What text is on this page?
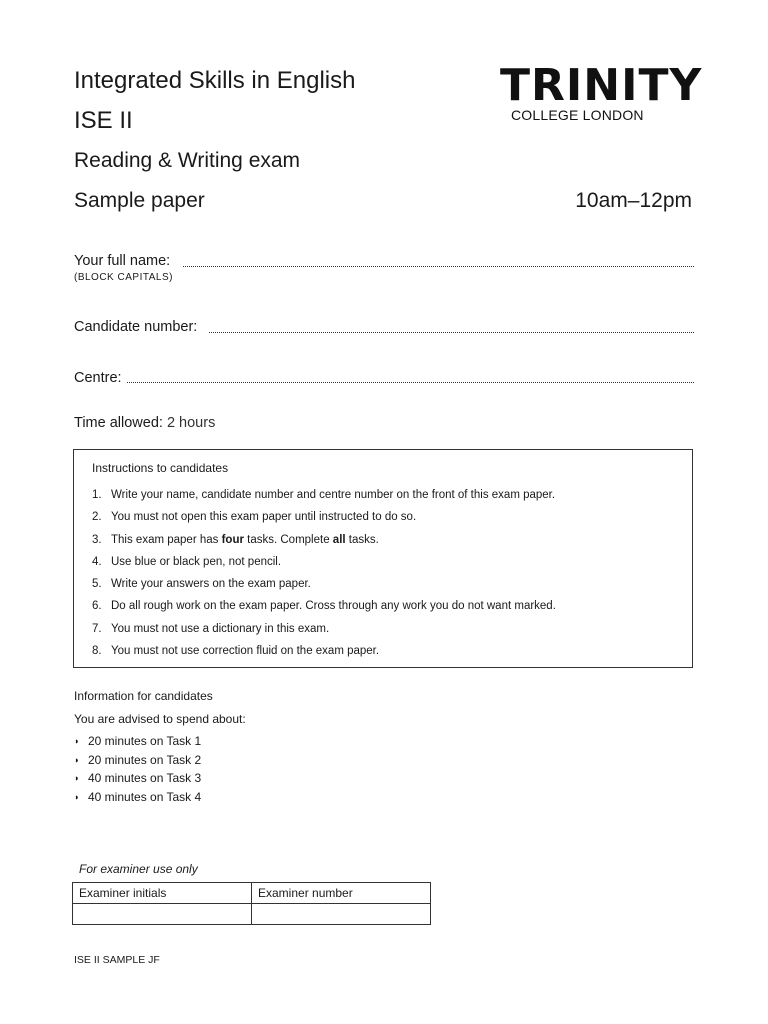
Integrated Skills in English
ISE II
Reading & Writing exam
Sample paper	10am–12pm
TRINITY
COLLEGE LONDON
Your full name:
(BLOCK CAPITALS)
Candidate number:
Centre:
Time allowed: 2 hours
Instructions to candidates
1. Write your name, candidate number and centre number on the front of this exam paper.
2. You must not open this exam paper until instructed to do so.
3. This exam paper has four tasks. Complete all tasks.
4. Use blue or black pen, not pencil.
5. Write your answers on the exam paper.
6. Do all rough work on the exam paper. Cross through any work you do not want marked.
7. You must not use a dictionary in this exam.
8. You must not use correction fluid on the exam paper.
Information for candidates
You are advised to spend about:
◗ 20 minutes on Task 1
◗ 20 minutes on Task 2
◗ 40 minutes on Task 3
◗ 40 minutes on Task 4
For examiner use only
Examiner initials	Examiner number

ISE II SAMPLE JF
